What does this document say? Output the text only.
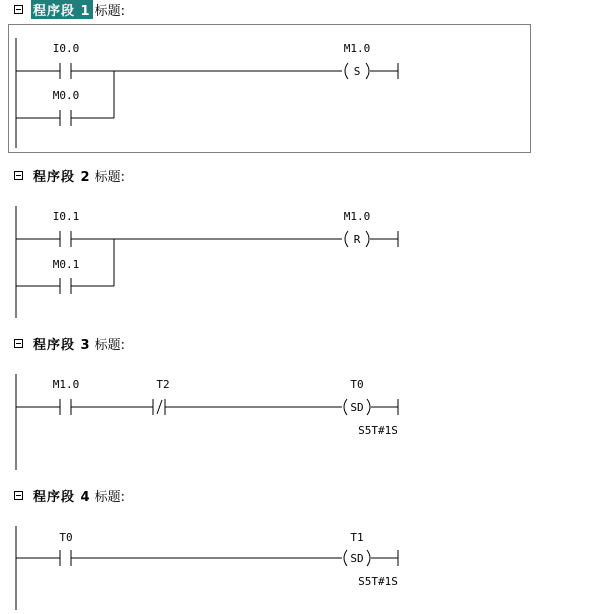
程序段 1 标题:
程序段 2 标题:
程序段 3 标题:
程序段 4 标题:
I0.0
M0.0
M1.0
S
I0.1
M0.1
M1.0
R
M1.0	T2	T0
SD
S5T#1S
T0	T1
SD
S5T#1S
